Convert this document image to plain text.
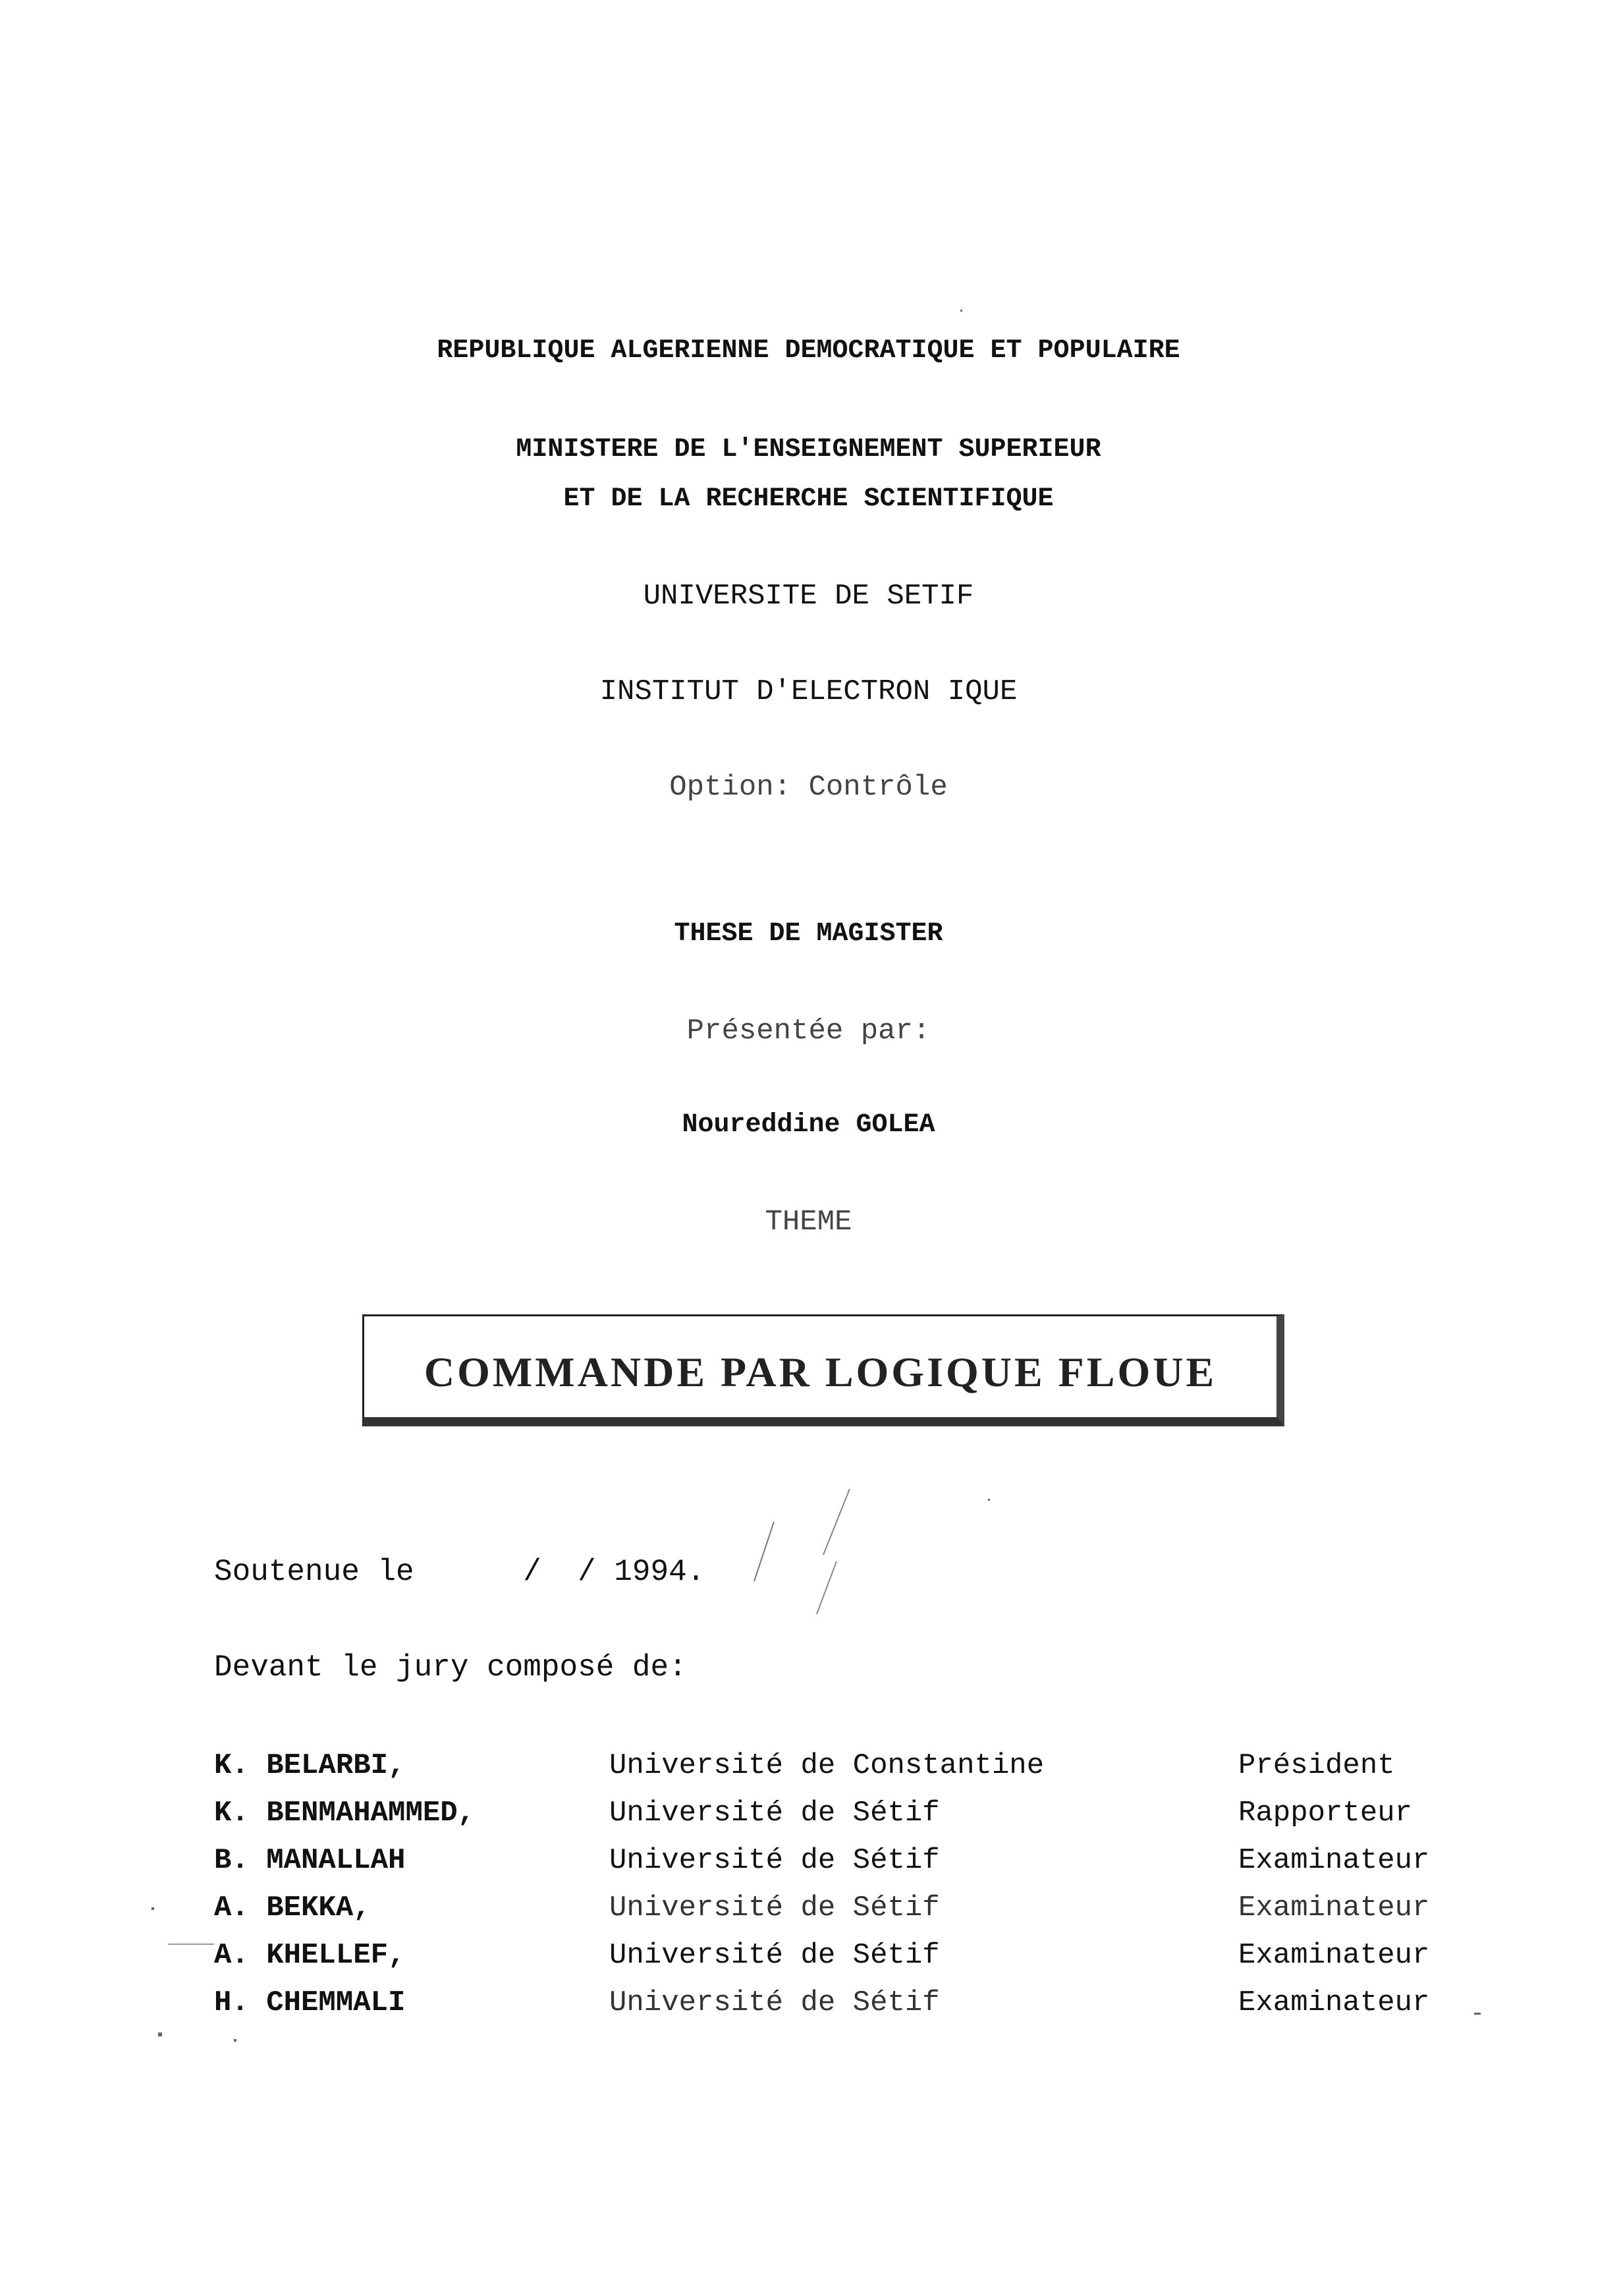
REPUBLIQUE ALGERIENNE DEMOCRATIQUE ET POPULAIRE
MINISTERE DE L'ENSEIGNEMENT SUPERIEUR
ET DE LA RECHERCHE SCIENTIFIQUE
UNIVERSITE DE SETIF
INSTITUT D'ELECTRON IQUE
Option: Contrôle
THESE DE MAGISTER
Présentée par:
Noureddine GOLEA
THEME
COMMANDE PAR LOGIQUE FLOUE
Soutenue le      /  / 1994.
Devant le jury composé de:
K. BELARBI,	Université de Constantine	Président
K. BENMAHAMMED,	Université de Sétif	Rapporteur
B. MANALLAH	Université de Sétif	Examinateur
A. BEKKA,	Université de Sétif	Examinateur
A. KHELLEF,	Université de Sétif	Examinateur
H. CHEMMALI	Université de Sétif	Examinateur
